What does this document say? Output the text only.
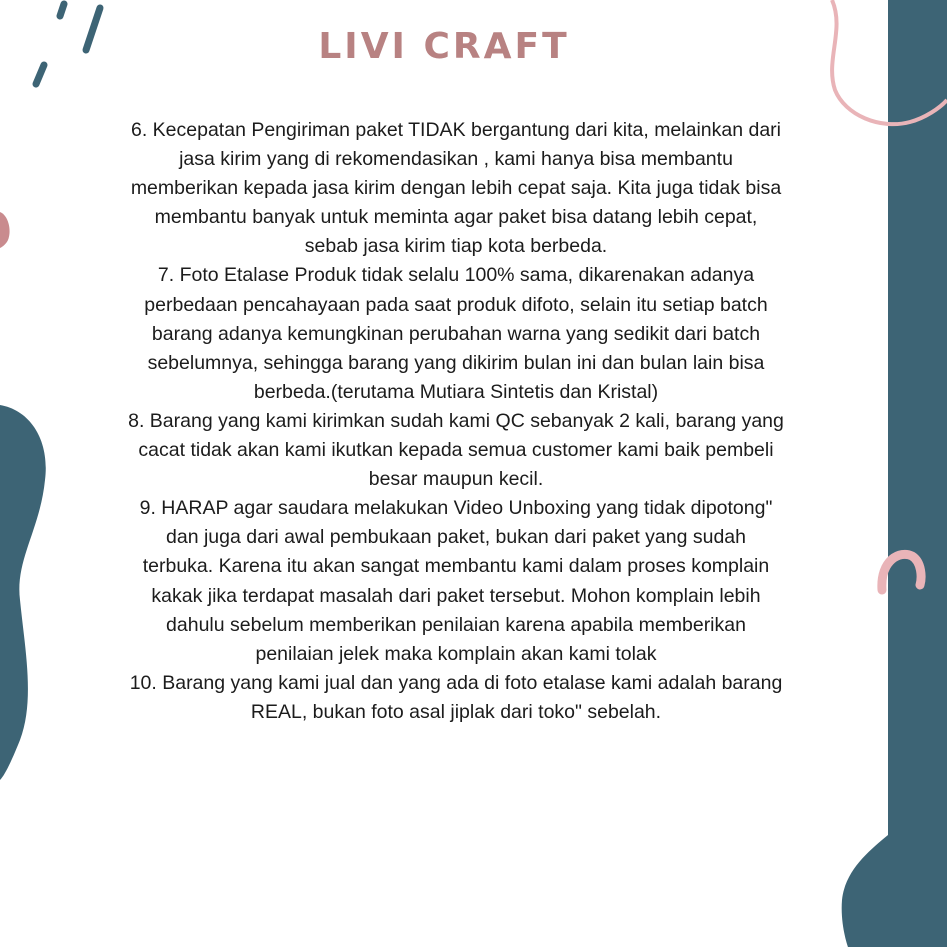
LIVI CRAFT
6. Kecepatan Pengiriman paket TIDAK bergantung dari kita, melainkan dari
jasa kirim yang di rekomendasikan , kami hanya bisa membantu
memberikan kepada jasa kirim dengan lebih cepat saja. Kita juga tidak bisa
membantu banyak untuk meminta agar paket bisa datang lebih cepat,
sebab jasa kirim tiap kota berbeda.
7. Foto Etalase Produk tidak selalu 100% sama, dikarenakan adanya
perbedaan pencahayaan pada saat produk difoto, selain itu setiap batch
barang adanya kemungkinan perubahan warna yang sedikit dari batch
sebelumnya, sehingga barang yang dikirim bulan ini dan bulan lain bisa
berbeda.(terutama Mutiara Sintetis dan Kristal)
8. Barang yang kami kirimkan sudah kami QC sebanyak 2 kali, barang yang
cacat tidak akan kami ikutkan kepada semua customer kami baik pembeli
besar maupun kecil.
9. HARAP agar saudara melakukan Video Unboxing yang tidak dipotong"
dan juga dari awal pembukaan paket, bukan dari paket yang sudah
terbuka. Karena itu akan sangat membantu kami dalam proses komplain
kakak jika terdapat masalah dari paket tersebut. Mohon komplain lebih
dahulu sebelum memberikan penilaian karena apabila memberikan
penilaian jelek maka komplain akan kami tolak
10. Barang yang kami jual dan yang ada di foto etalase kami adalah barang
REAL, bukan foto asal jiplak dari toko" sebelah.
